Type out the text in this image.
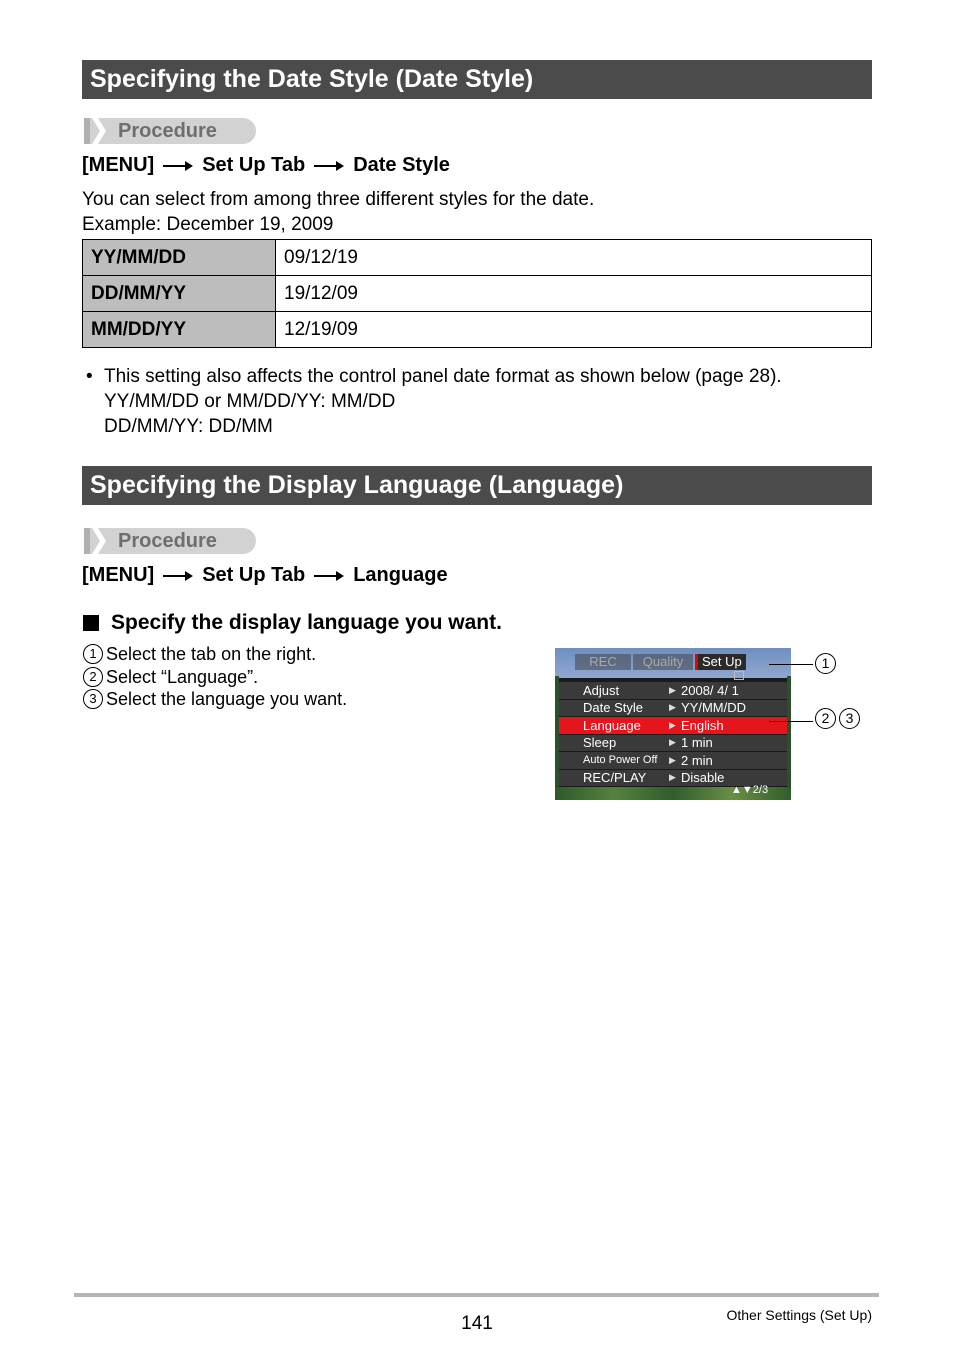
Specifying the Date Style (Date Style)
Procedure
[MENU] Set Up Tab Date Style
You can select from among three different styles for the date.
Example: December 19, 2009
YY/MM/DD	09/12/19
DD/MM/YY	19/12/09
MM/DD/YY	12/19/09
• This setting also affects the control panel date format as shown below (page 28).
YY/MM/DD or MM/DD/YY: MM/DD
DD/MM/YY: DD/MM
Specifying the Display Language (Language)
Procedure
[MENU] Set Up Tab Language
Specify the display language you want.
1 Select the tab on the right.
2 Select “Language”.
3 Select the language you want.
REC	Quality	Set Up
Adjust	▶ 2008/ 4/ 1
Date Style	▶ YY/MM/DD
Language	▶ English
Sleep	▶ 1 min
Auto Power Off ▶ 2 min
REC/PLAY	▶ Disable
▲▼2/3
1
2	3
141	Other Settings (Set Up)
